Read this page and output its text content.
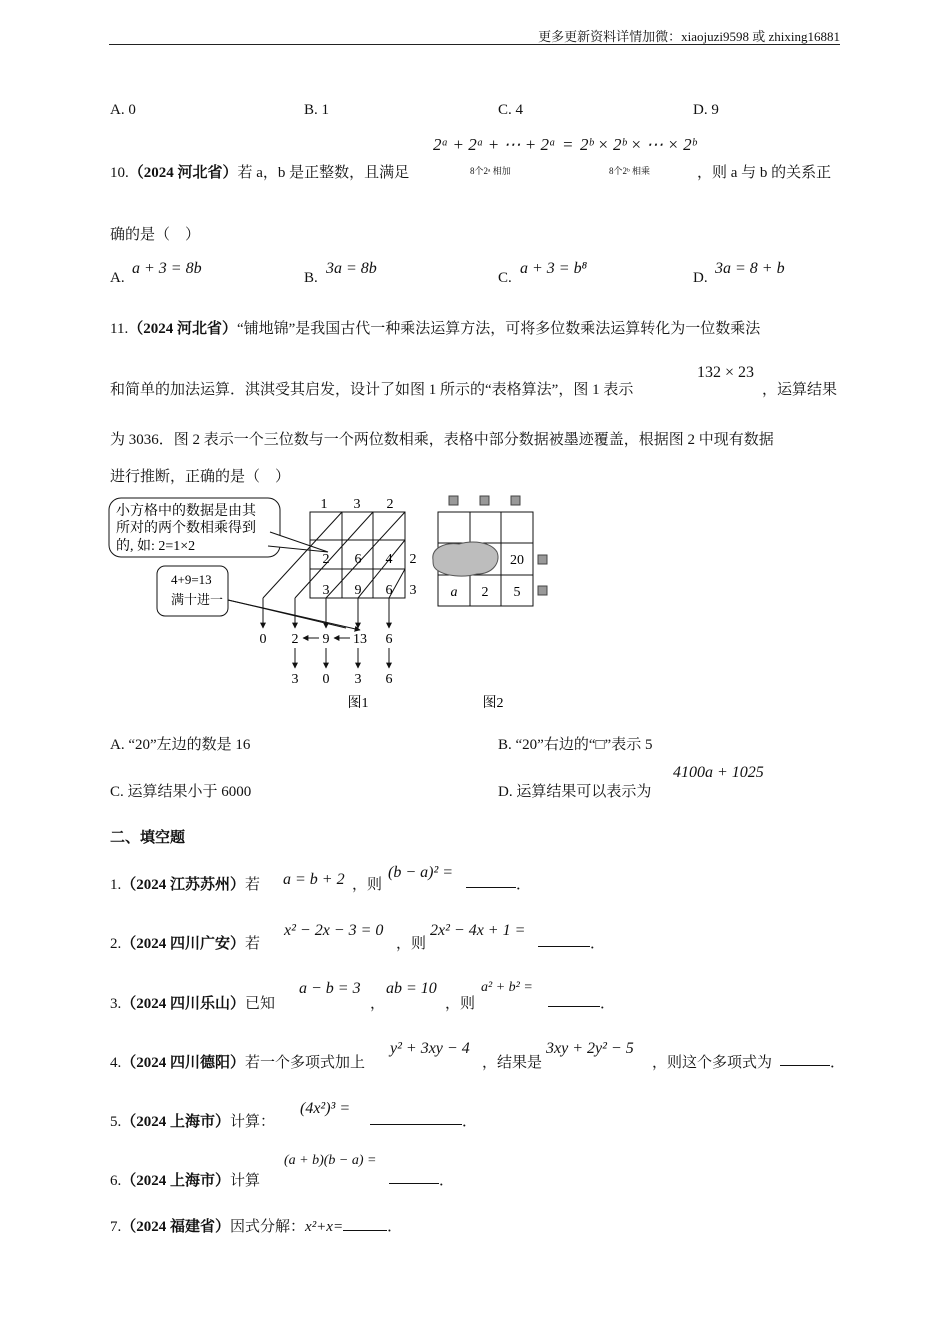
更多更新资料详情加微：xiaojuzi9598 或 zhixing16881
A. 0	B. 1	C. 4	D. 9
10.（2024 河北省）若 a，b 是正整数，且满足
2ᵃ + 2ᵃ + ⋯ + 2ᵃ = 2ᵇ × 2ᵇ × ⋯ × 2ᵇ
8个2ᵃ 相加	8个2ᵇ 相乘	，则 a 与 b 的关系正
确的是（　）
A.
a + 3 = 8b
B.
3a = 8b
C.
a + 3 = b⁸
D.
3a = 8 + b
11.（2024 河北省）“铺地锦”是我国古代一种乘法运算方法，可将多位数乘法运算转化为一位数乘法
和简单的加法运算．淇淇受其启发，设计了如图 1 所示的“表格算法”，图 1 表示
132 × 23
，运算结果
为 3036．图 2 表示一个三位数与一个两位数相乘，表格中部分数据被墨迹覆盖，根据图 2 中现有数据
进行推断，正确的是（　）
小方格中的数据是由其
所对的两个数相乘得到
的, 如: 2=1×2
4+9=13
满十进一
1 3 2
2 6 4
3 9 6
2
3
0 2 9 13 6
3 0 3 6
图1
20
a 2 5
图2
A. “20”左边的数是 16	B. “20”右边的“□”表示 5
C. 运算结果小于 6000	D. 运算结果可以表示为
4100a + 1025
二、填空题
1.（2024 江苏苏州）若 a = b + 2 ，则
(b − a)² =
．
2.（2024 四川广安）若
x² − 2x − 3 = 0
，则
2x² − 4x + 1 =
．
3.（2024 四川乐山）已知
a − b = 3
，
ab = 10
，则
a² + b² =
．
4.（2024 四川德阳）若一个多项式加上
y² + 3xy − 4
，结果是
3xy + 2y² − 5
，则这个多项式为	．
5.（2024 上海市）计算：
(4x²)³ =
．
6.（2024 上海市）计算
(a + b)(b − a) =
．
7.（2024 福建省）因式分解：x²+x=	．
